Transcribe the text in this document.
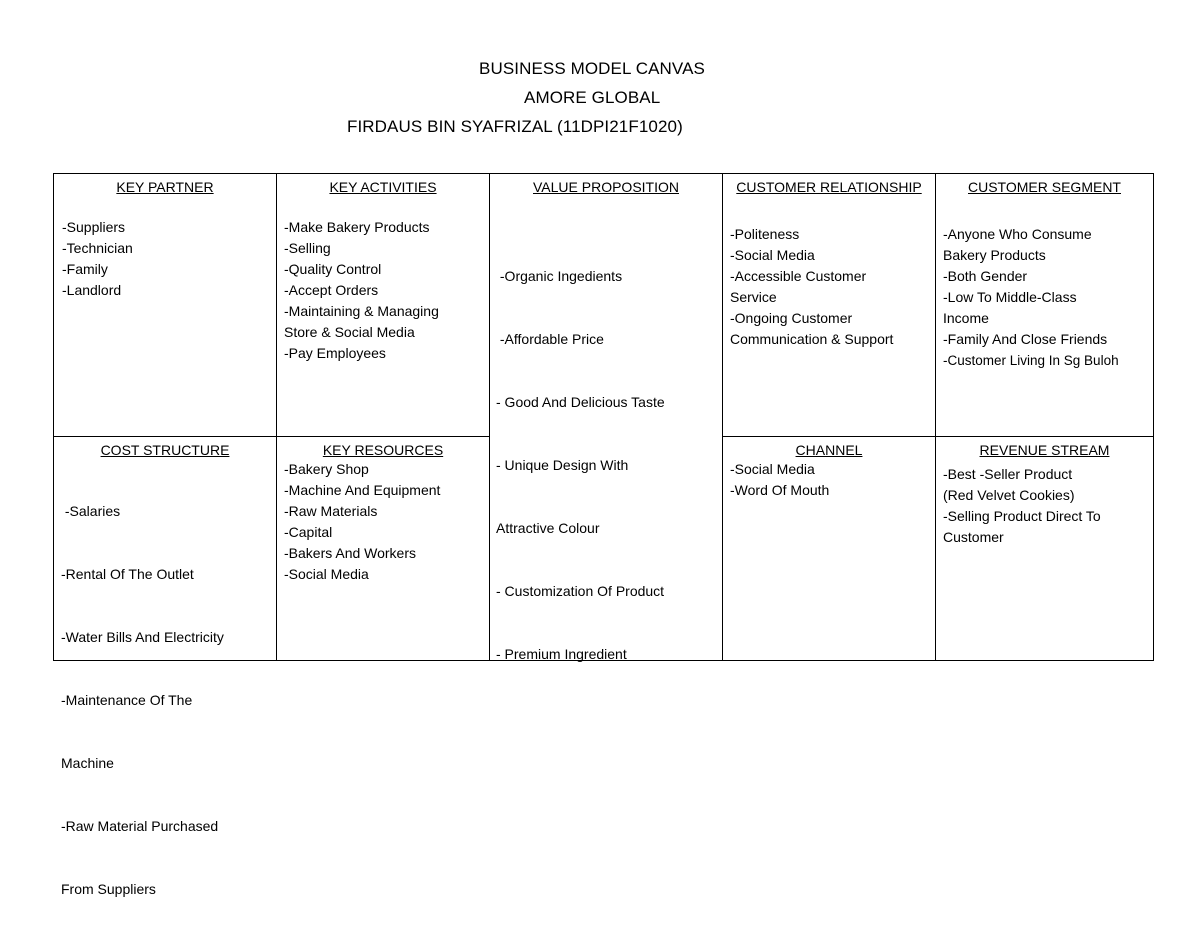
BUSINESS MODEL CANVAS
AMORE GLOBAL
FIRDAUS BIN SYAFRIZAL (11DPI21F1020)
KEY PARTNER
-Suppliers
-Technician
-Family
-Landlord
KEY ACTIVITIES
-Make Bakery Products
-Selling
-Quality Control
-Accept Orders
-Maintaining & Managing
Store & Social Media
-Pay Employees
VALUE PROPOSITION

-Organic Ingedients

-Affordable Price

- Good And Delicious Taste

- Unique Design With

Attractive Colour

- Customization Of Product

- Premium Ingredient

CUSTOMER RELATIONSHIP
-Politeness
-Social Media
-Accessible Customer
Service
-Ongoing Customer
Communication & Support
CUSTOMER SEGMENT
-Anyone Who Consume
Bakery Products
-Both Gender
-Low To Middle-Class
Income
-Family And Close Friends
-Customer Living In Sg Buloh
COST STRUCTURE

-Salaries

-Rental Of The Outlet

-Water Bills And Electricity

-Maintenance Of The

Machine

-Raw Material Purchased

From Suppliers

KEY RESOURCES
-Bakery Shop
-Machine And Equipment
-Raw Materials
-Capital
-Bakers And Workers
-Social Media
CHANNEL
-Social Media
-Word Of Mouth
REVENUE STREAM
-Best -Seller Product
(Red Velvet Cookies)
-Selling Product Direct To
Customer
